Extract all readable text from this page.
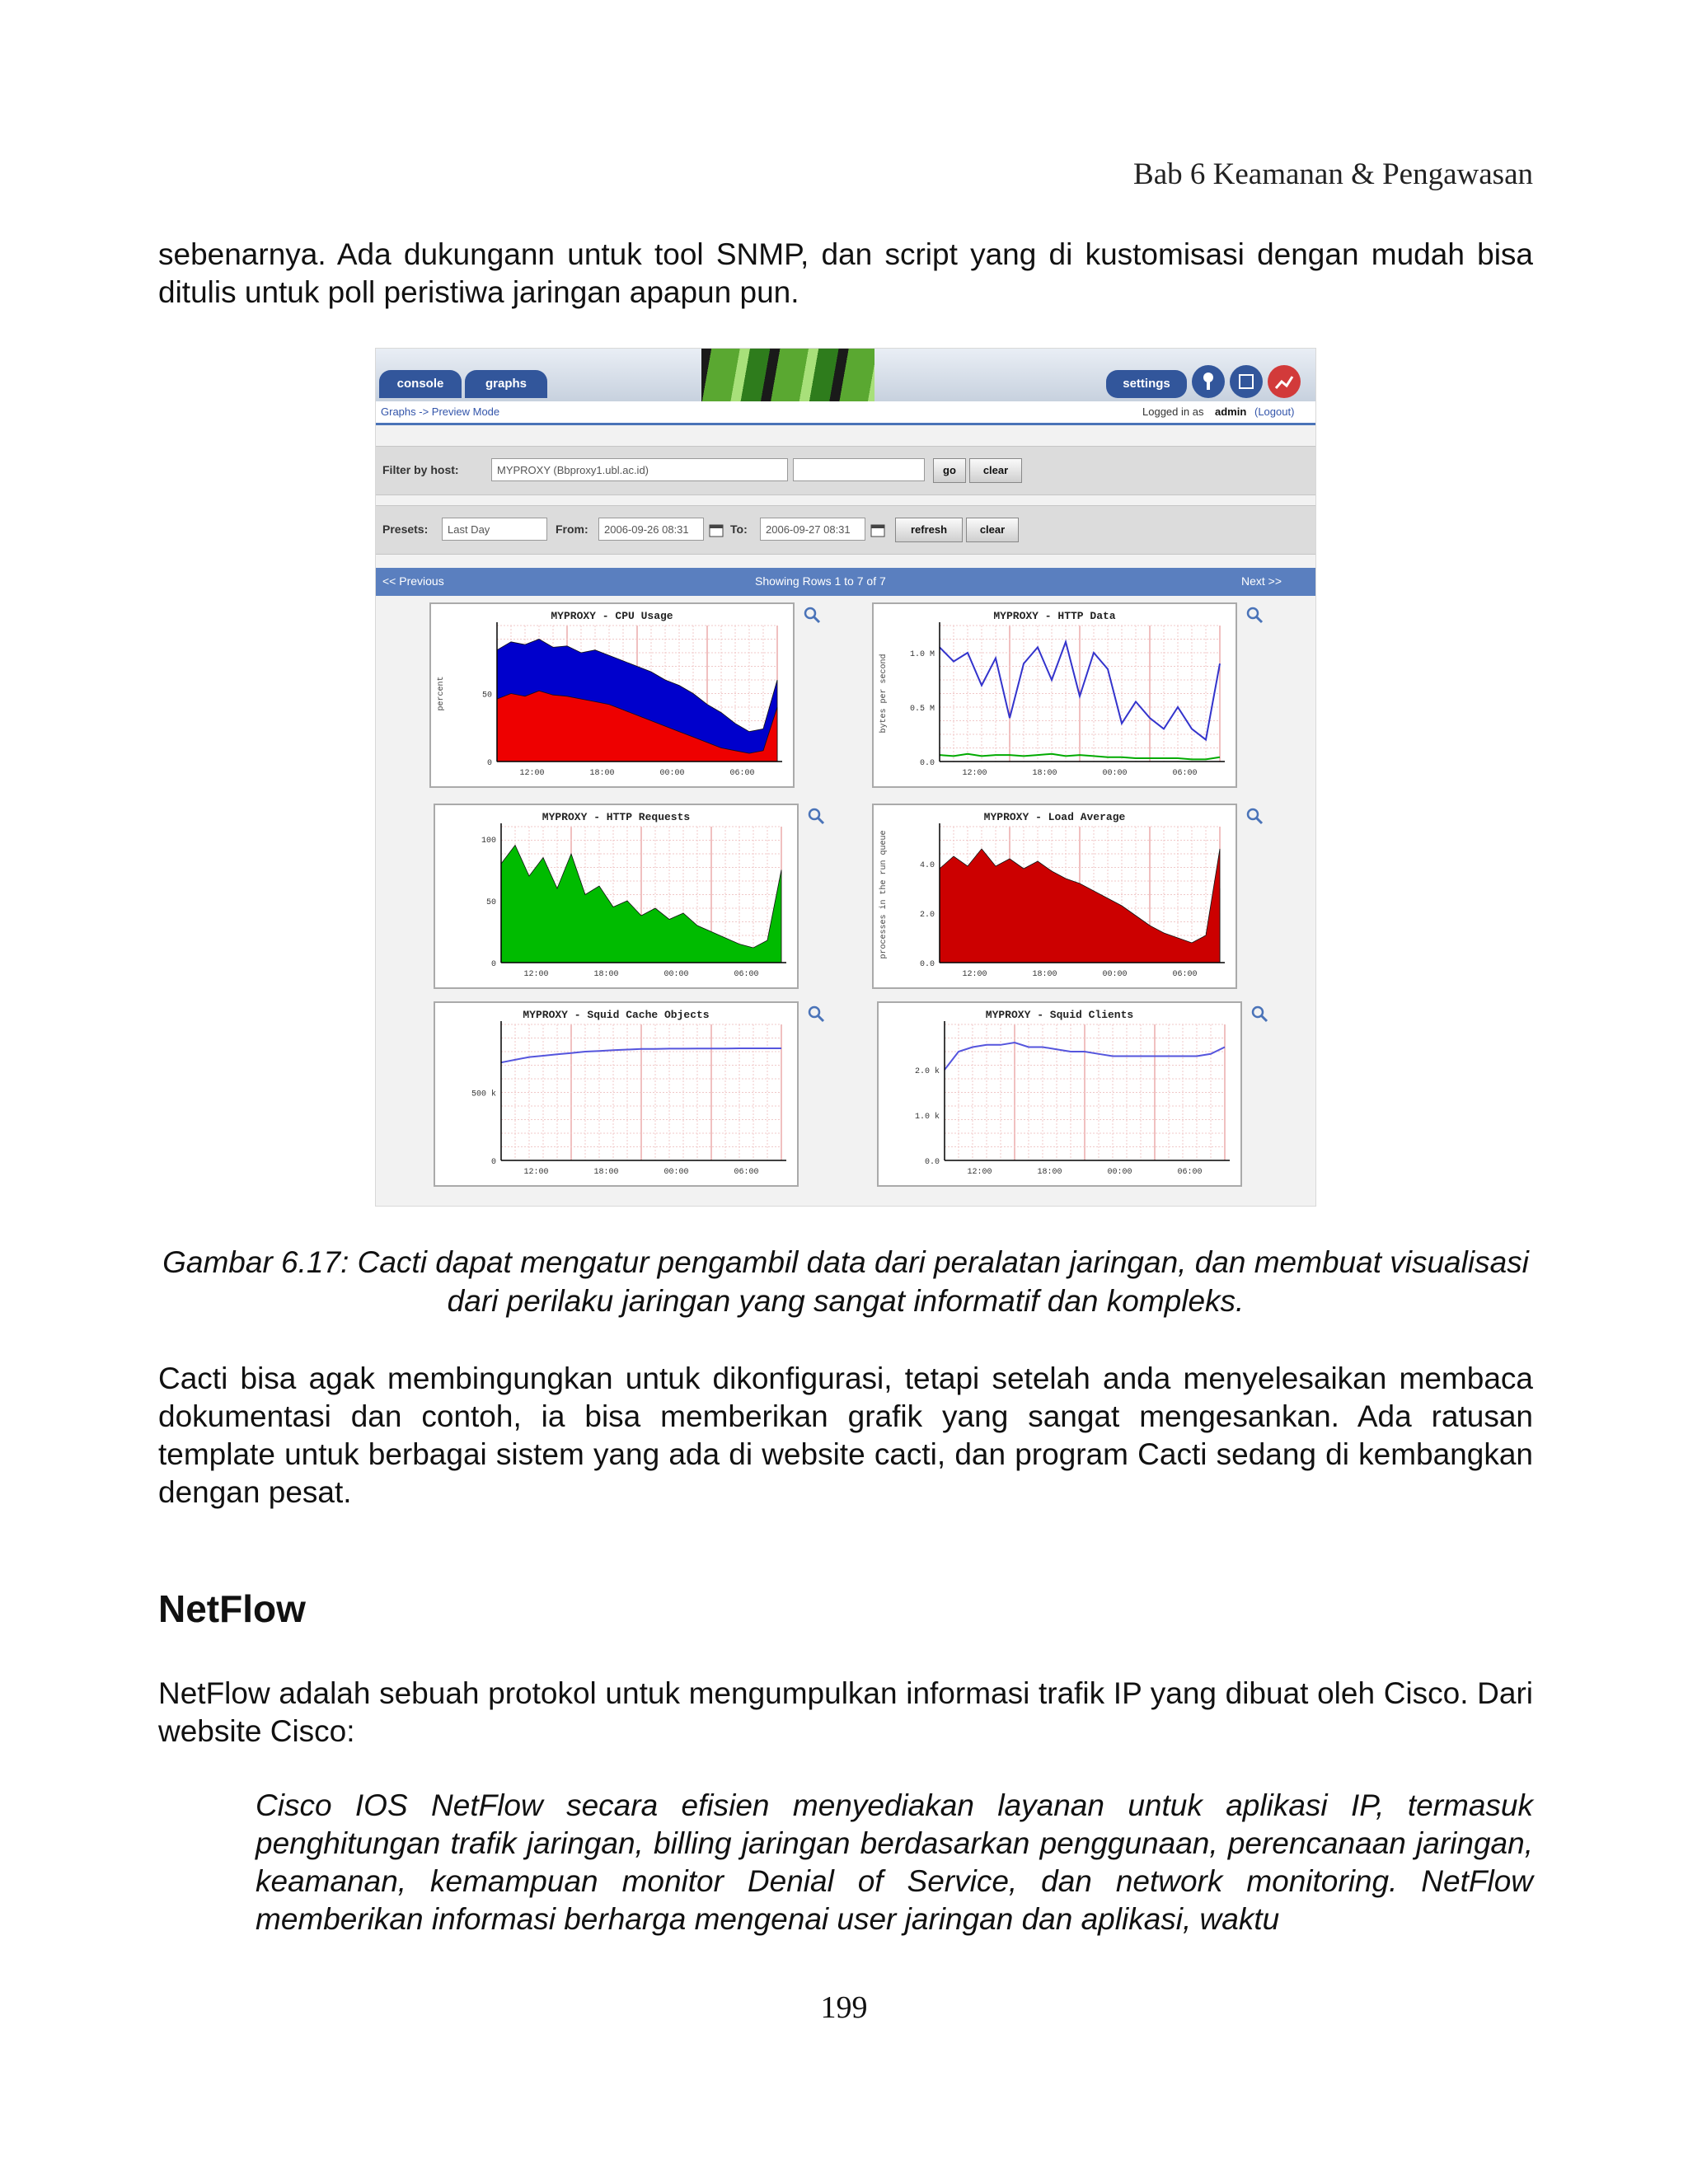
Bab 6 Keamanan & Pengawasan

sebenarnya. Ada dukungann untuk tool SNMP, dan script yang di kustomisasi dengan mudah bisa ditulis untuk poll peristiwa jaringan apapun pun.

console	graphs	settings
Graphs -> Preview Mode	Logged in as admin (Logout)
Filter by host:	MYPROXY (Bbproxy1.ubl.ac.id)	go	clear
Presets:	Last Day	From:	2006-09-26 08:31	To:	2006-09-27 08:31	refresh	clear
<< Previous	Showing Rows 1 to 7 of 7	Next >>
MYPROXY - CPU Usage
percent
0
50
12:00	18:00	00:00	06:00
MYPROXY - HTTP Data
bytes per second
0.0
0.5 M
1.0 M
12:00	18:00	00:00	06:00
MYPROXY - HTTP Requests
0
50
100
12:00	18:00	00:00	06:00
MYPROXY - Load Average
processes in the run queue
0.0
2.0
4.0
12:00	18:00	00:00	06:00
MYPROXY - Squid Cache Objects
0
500 k
12:00	18:00	00:00	06:00
MYPROXY - Squid Clients
0.0
1.0 k
2.0 k
12:00	18:00	00:00	06:00

Gambar 6.17: Cacti dapat mengatur pengambil data dari peralatan jaringan, dan membuat visualisasi dari perilaku jaringan yang sangat informatif dan kompleks.

Cacti bisa agak membingungkan untuk dikonfigurasi, tetapi setelah anda menyelesaikan membaca dokumentasi dan contoh, ia bisa memberikan grafik yang sangat mengesankan. Ada ratusan template untuk berbagai sistem yang ada di website cacti, dan program Cacti sedang di kembangkan dengan pesat.

NetFlow

NetFlow adalah sebuah protokol untuk mengumpulkan informasi trafik IP yang dibuat oleh Cisco. Dari website Cisco:

Cisco IOS NetFlow secara efisien menyediakan layanan untuk aplikasi IP, termasuk penghitungan trafik jaringan, billing jaringan berdasarkan penggunaan, perencanaan jaringan, keamanan, kemampuan monitor Denial of Service, dan network monitoring. NetFlow memberikan informasi berharga mengenai user jaringan dan aplikasi, waktu

199
